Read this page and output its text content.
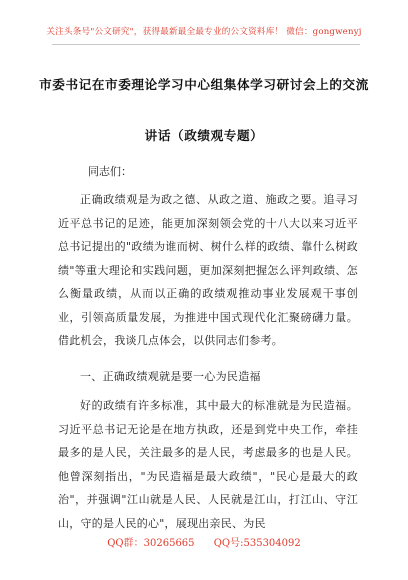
关注头条号"公文研究"，获得最新最全最专业的公文资料库！ 微信：gongwenyj
市委书记在市委理论学习中心组集体学习研讨会上的交流
讲话（政绩观专题）
同志们：
正确政绩观是为政之德、从政之道、施政之要。追寻习近平总书记的足迹，能更加深刻领会党的十八大以来习近平总书记提出的"政绩为谁而树、树什么样的政绩、靠什么树政绩"等重大理论和实践问题，更加深刻把握怎么评判政绩、怎么衡量政绩，从而以正确的政绩观推动事业发展观干事创业，引领高质量发展，为推进中国式现代化汇聚磅礴力量。借此机会，我谈几点体会，以供同志们参考。
一、正确政绩观就是要一心为民造福
好的政绩有许多标准，其中最大的标准就是为民造福。习近平总书记无论是在地方执政，还是到党中央工作，牵挂最多的是人民，关注最多的是人民，考虑最多的也是人民。他曾深刻指出，"为民造福是最大政绩"，"民心是最大的政治"，并强调"江山就是人民、人民就是江山，打江山、守江山，守的是人民的心"，展现出亲民、为民
QQ群：30265665 QQ号:535304092
